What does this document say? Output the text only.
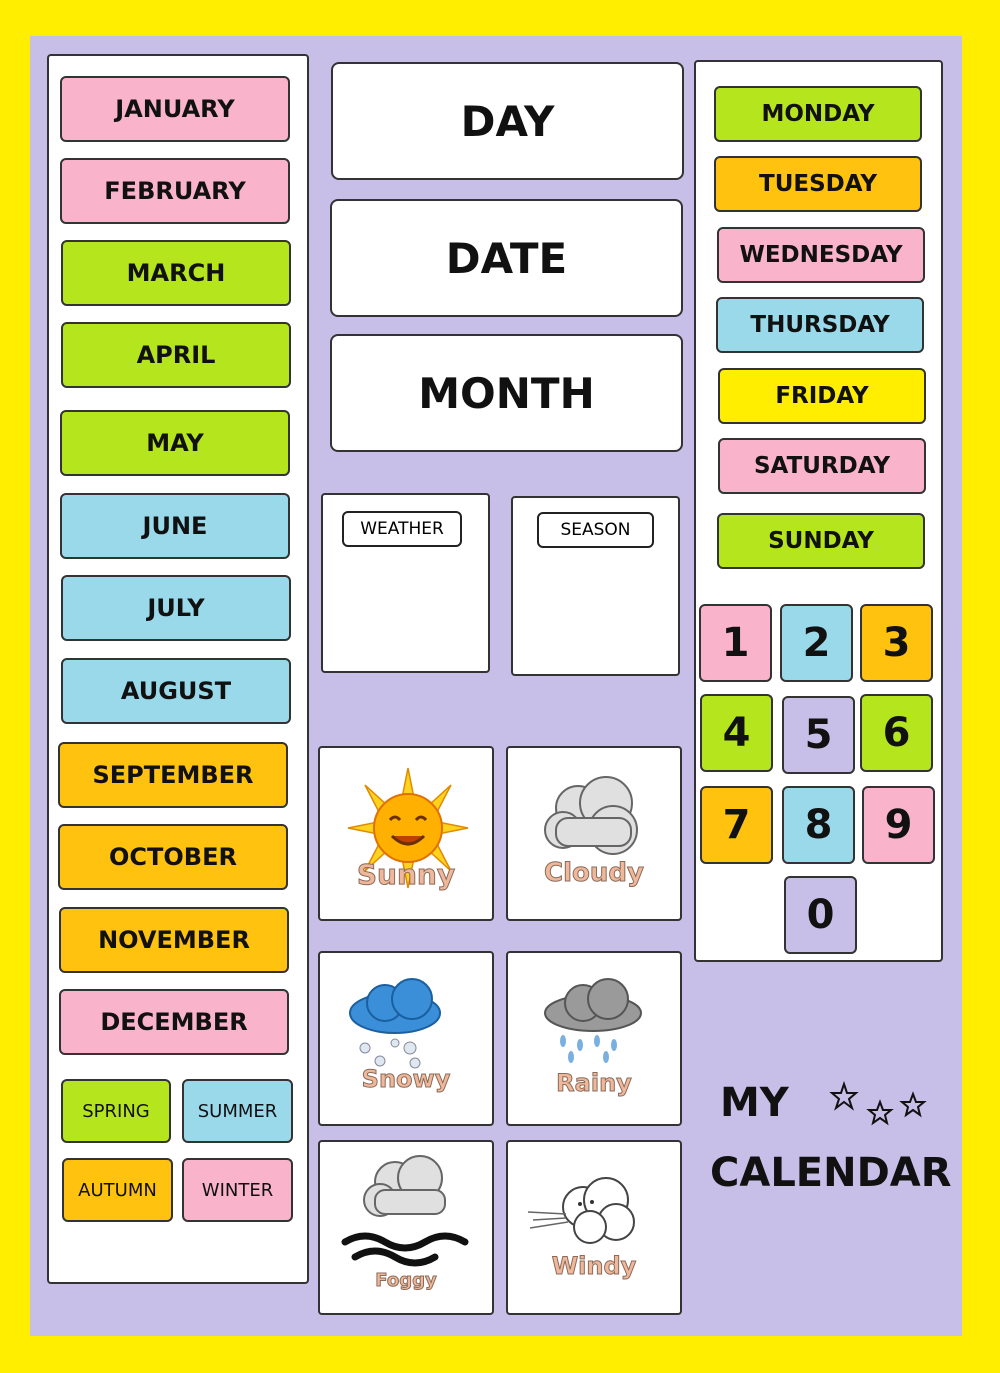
JANUARY
FEBRUARY
MARCH
APRIL
MAY
JUNE
JULY
AUGUST
SEPTEMBER
OCTOBER
NOVEMBER
DECEMBER
SPRING	SUMMER
AUTUMN	WINTER
DAY
DATE
MONTH
WEATHER	SEASON
Sunny	Cloudy
Snowy	Rainy
Foggy
Windy
MONDAY
TUESDAY
WEDNESDAY
THURSDAY
FRIDAY
SATURDAY
SUNDAY
1	2	3
4	5	6
7	8	9
0
MY
CALENDAR
